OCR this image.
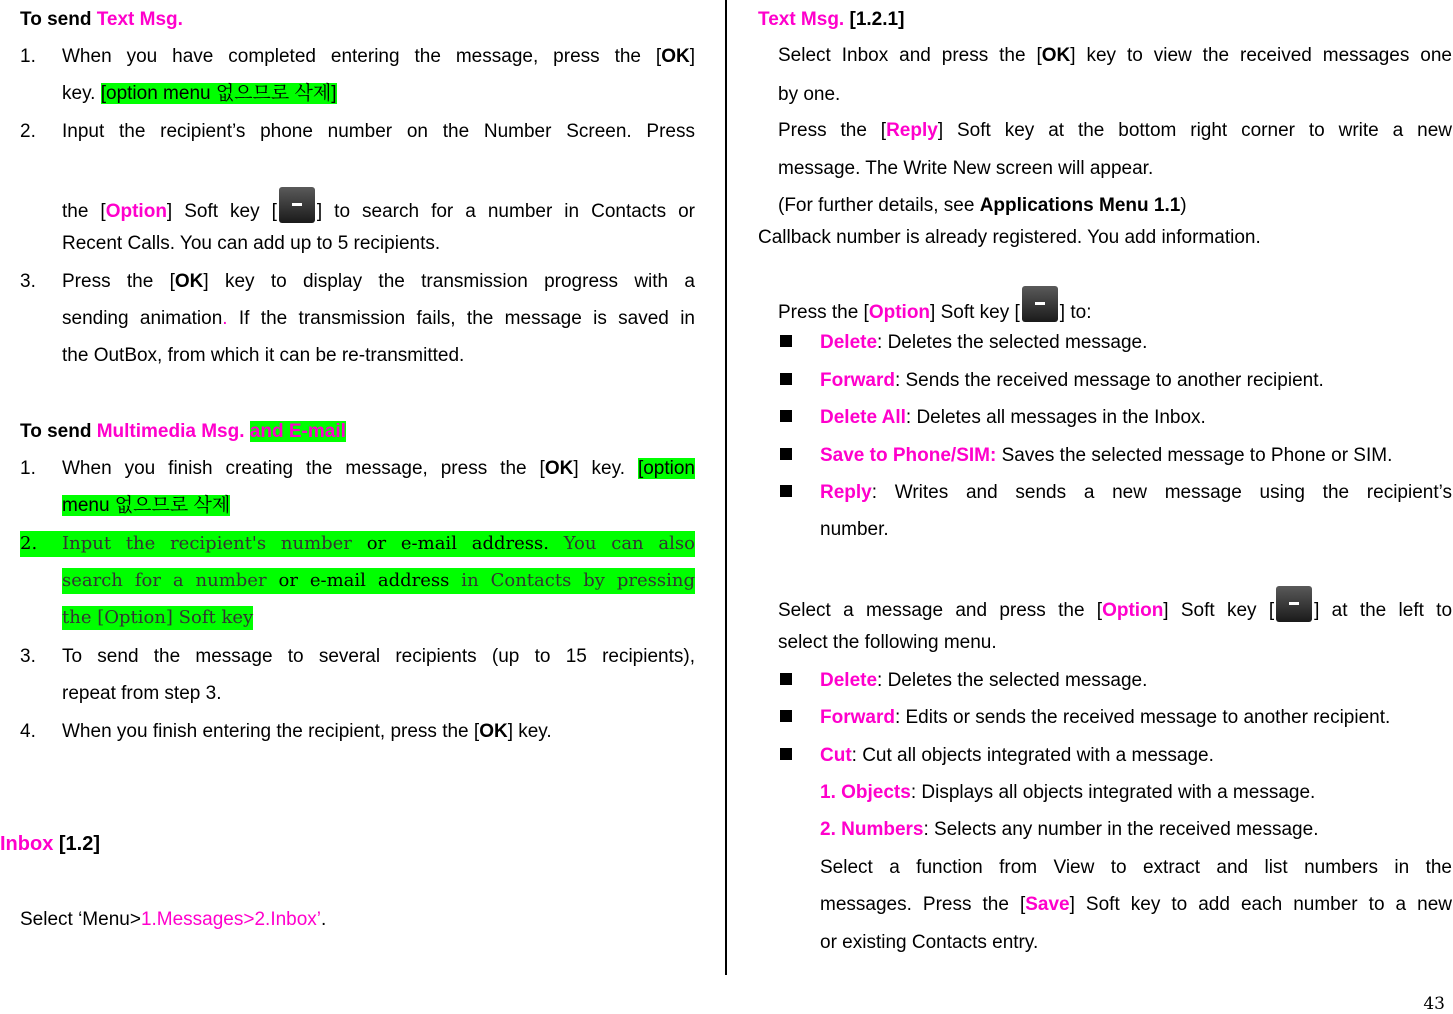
To send Text Msg.
1. When you have completed entering the message, press the [OK]
key. [option menu 없으므로 삭제]
2. Input the recipient’s phone number on the Number Screen. Press
the [Option] Soft key [ ] to search for a number in Contacts or
Recent Calls. You can add up to 5 recipients.
3. Press the [OK] key to display the transmission progress with a
sending animation. If the transmission fails, the message is saved in
the OutBox, from which it can be re-transmitted.
To send Multimedia Msg. and E-mail
1. When you finish creating the message, press the [OK] key. [option
menu 없으므로 삭제
2. Input the recipient's number or e-mail address. You can also
search for a number or e-mail address in Contacts by pressing
the [Option] Soft key
3. To send the message to several recipients (up to 15 recipients),
repeat from step 3.
4. When you finish entering the recipient, press the [OK] key.
Inbox [1.2]
Select ‘Menu>1.Messages>2.Inbox’.
Text Msg. [1.2.1]
Select Inbox and press the [OK] key to view the received messages one
by one.
Press the [Reply] Soft key at the bottom right corner to write a new
message. The Write New screen will appear.
(For further details, see Applications Menu 1.1)
Callback number is already registered. You add information.
Press the [Option] Soft key [ ] to:
Delete: Deletes the selected message.
Forward: Sends the received message to another recipient.
Delete All: Deletes all messages in the Inbox.
Save to Phone/SIM: Saves the selected message to Phone or SIM.
Reply: Writes and sends a new message using the recipient’s
number.
Select a message and press the [Option] Soft key [ ] at the left to
select the following menu.
Delete: Deletes the selected message.
Forward: Edits or sends the received message to another recipient.
Cut: Cut all objects integrated with a message.
1. Objects: Displays all objects integrated with a message.
2. Numbers: Selects any number in the received message.
Select a function from View to extract and list numbers in the
messages. Press the [Save] Soft key to add each number to a new
or existing Contacts entry.
43
